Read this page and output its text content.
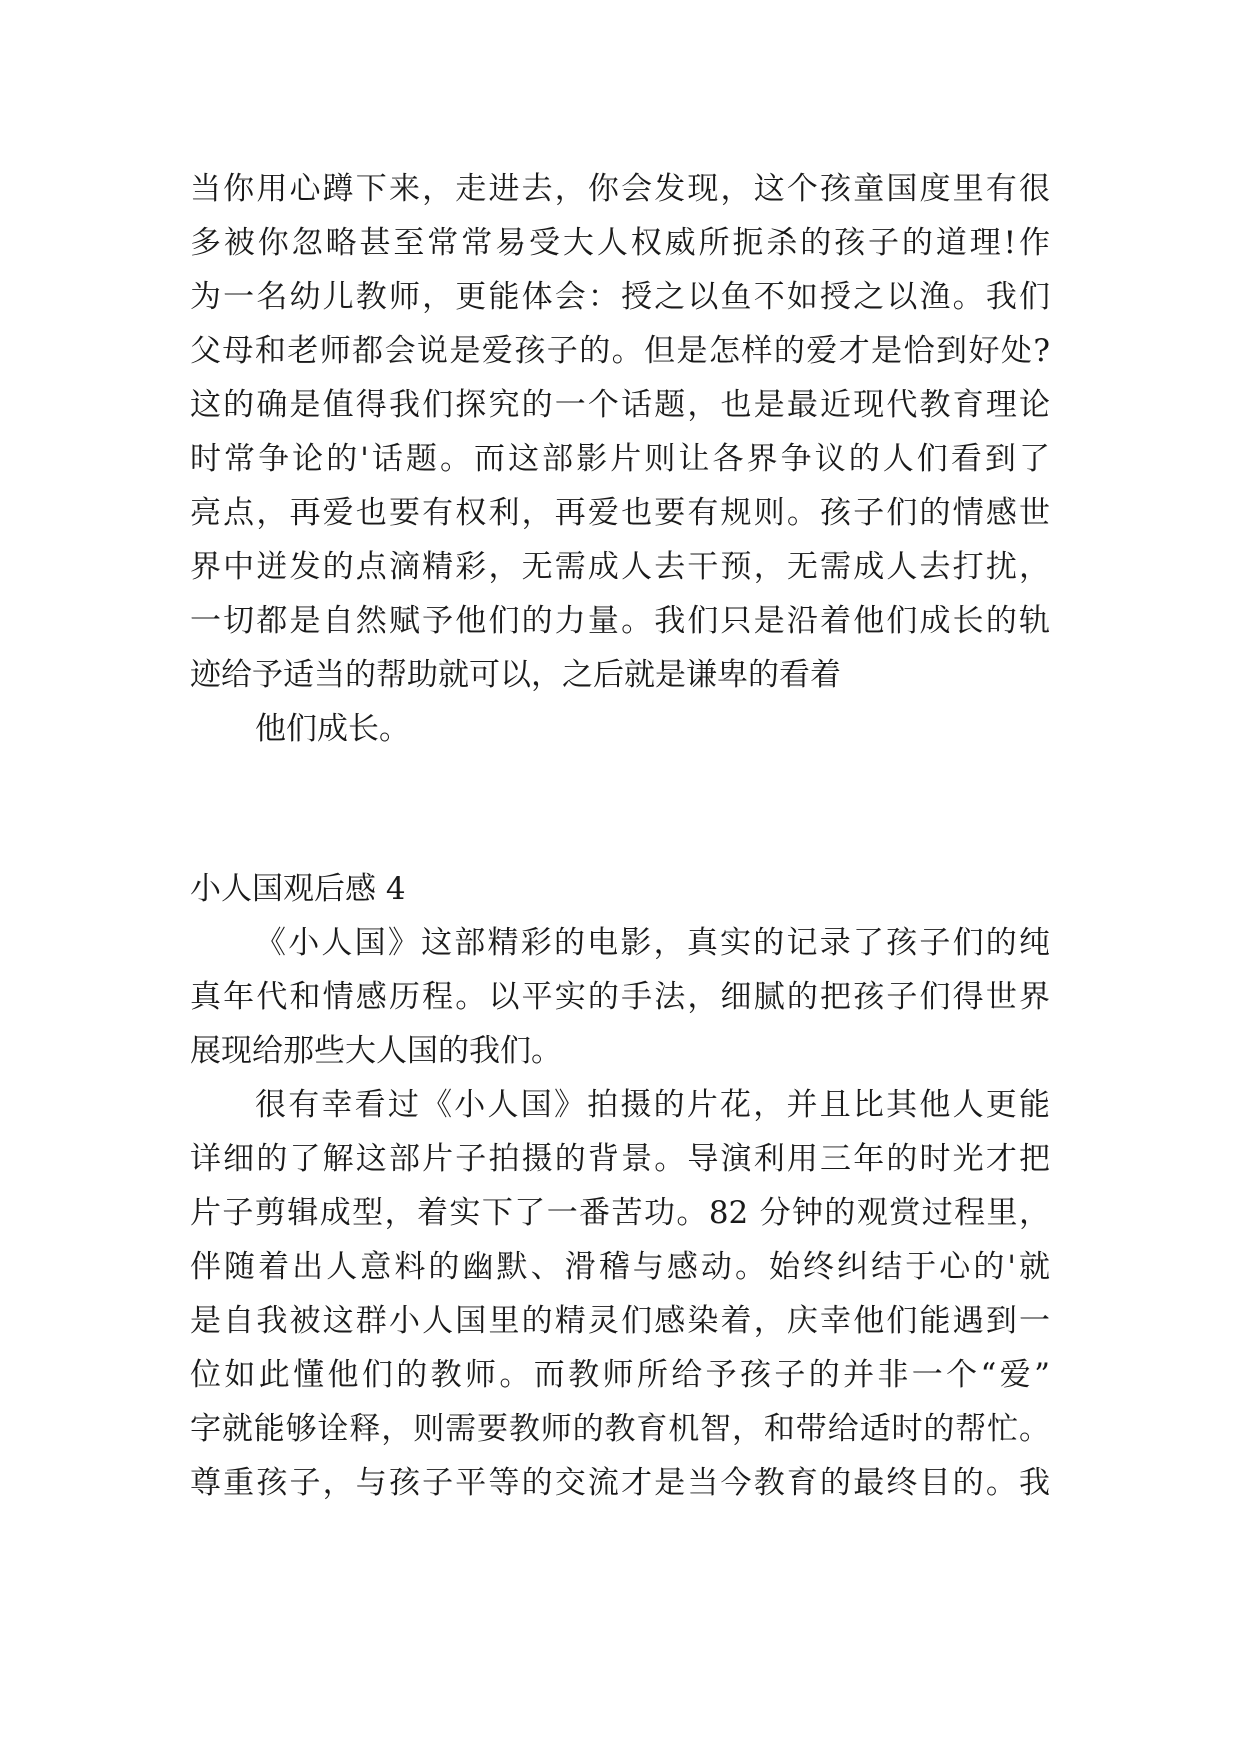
当你用心蹲下来，走进去，你会发现，这个孩童国度里有很
多被你忽略甚至常常易受大人权威所扼杀的孩子的道理!作
为一名幼儿教师，更能体会：授之以鱼不如授之以渔。我们
父母和老师都会说是爱孩子的。但是怎样的爱才是恰到好处?
这的确是值得我们探究的一个话题，也是最近现代教育理论
时常争论的'话题。而这部影片则让各界争议的人们看到了
亮点，再爱也要有权利，再爱也要有规则。孩子们的情感世
界中迸发的点滴精彩，无需成人去干预，无需成人去打扰，
一切都是自然赋予他们的力量。我们只是沿着他们成长的轨
迹给予适当的帮助就可以，之后就是谦卑的看着
他们成长。
小人国观后感 4
《小人国》这部精彩的电影，真实的记录了孩子们的纯
真年代和情感历程。以平实的手法，细腻的把孩子们得世界
展现给那些大人国的我们。
很有幸看过《小人国》拍摄的片花，并且比其他人更能
详细的了解这部片子拍摄的背景。导演利用三年的时光才把
片子剪辑成型，着实下了一番苦功。82 分钟的观赏过程里，
伴随着出人意料的幽默、滑稽与感动。始终纠结于心的'就
是自我被这群小人国里的精灵们感染着，庆幸他们能遇到一
位如此懂他们的教师。而教师所给予孩子的并非一个“爱”
字就能够诠释，则需要教师的教育机智，和带给适时的帮忙。
尊重孩子，与孩子平等的交流才是当今教育的最终目的。我
